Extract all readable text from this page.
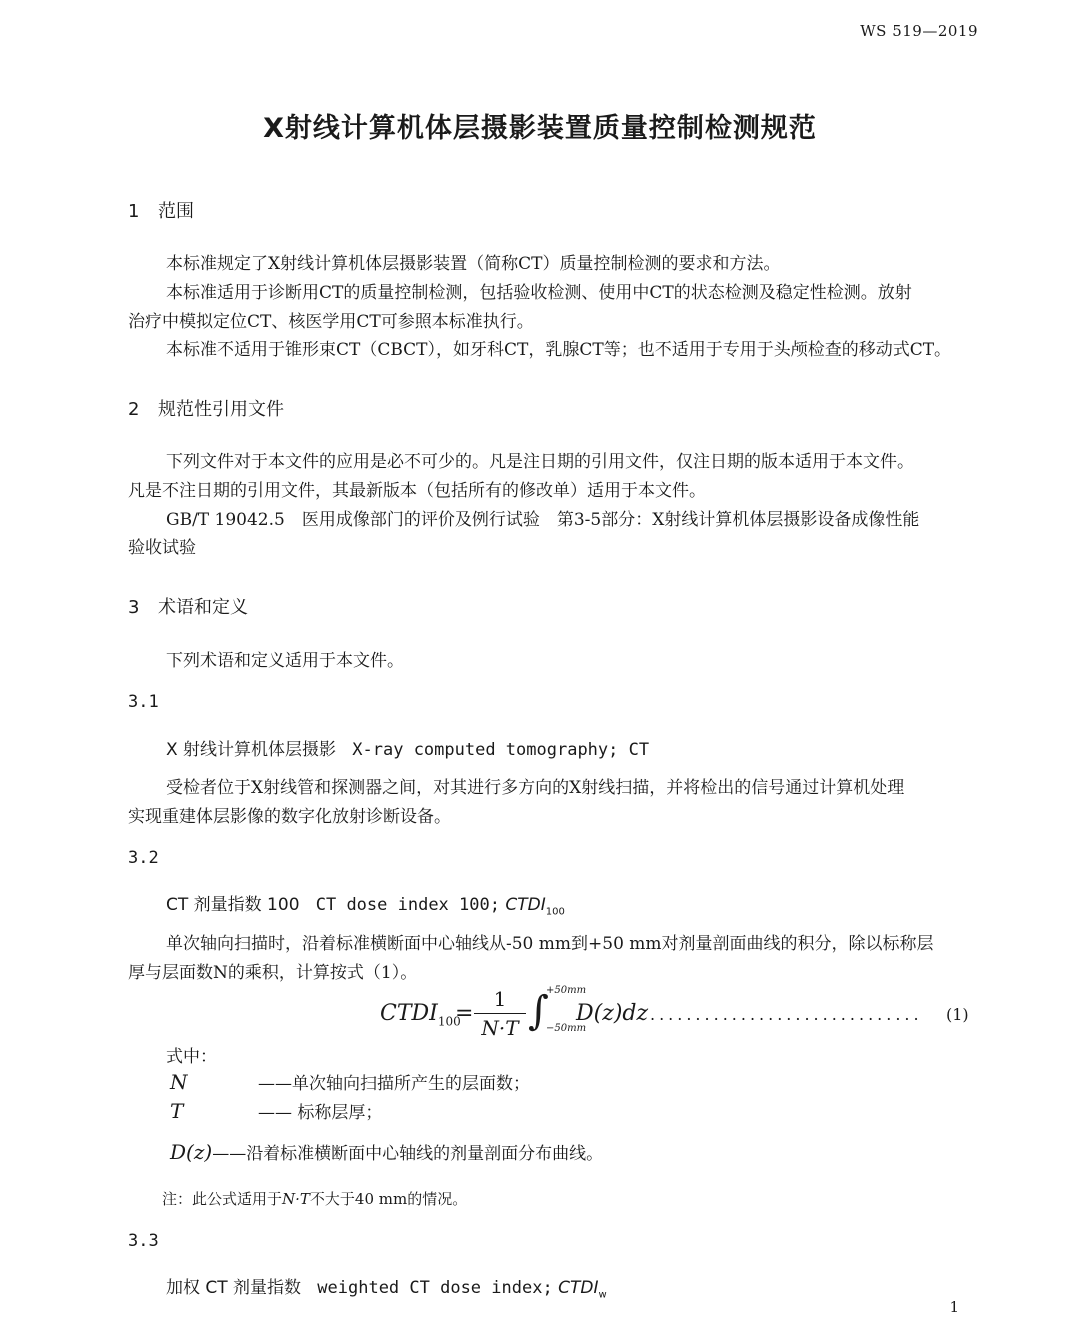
WS 519—2019
X射线计算机体层摄影装置质量控制检测规范
1 范围
本标准规定了X射线计算机体层摄影装置（简称CT）质量控制检测的要求和方法。
本标准适用于诊断用CT的质量控制检测，包括验收检测、使用中CT的状态检测及稳定性检测。放射
治疗中模拟定位CT、核医学用CT可参照本标准执行。
本标准不适用于锥形束CT（CBCT），如牙科CT，乳腺CT等；也不适用于专用于头颅检查的移动式CT。
2 规范性引用文件
下列文件对于本文件的应用是必不可少的。凡是注日期的引用文件，仅注日期的版本适用于本文件。
凡是不注日期的引用文件，其最新版本（包括所有的修改单）适用于本文件。
GB/T 19042.5　医用成像部门的评价及例行试验　第3-5部分：X射线计算机体层摄影设备成像性能
验收试验
3 术语和定义
下列术语和定义适用于本文件。
3.1
X 射线计算机体层摄影 X-ray computed tomography; CT
受检者位于X射线管和探测器之间，对其进行多方向的X射线扫描，并将检出的信号通过计算机处理
实现重建体层影像的数字化放射诊断设备。
3.2
CT 剂量指数 100 CT dose index 100; $CTDI_{100}$
单次轴向扫描时，沿着标准横断面中心轴线从-50 mm到+50 mm对剂量剖面曲线的积分，除以标称层
厚与层面数N的乘积，计算按式（1）。
$CTDI_{100}$
=
1
N·T ∫
+50mm
−50mm
D(z)dz .............................. (1)
式中：
N	——单次轴向扫描所产生的层面数；
T	—— 标称层厚；
D(z)——沿着标准横断面中心轴线的剂量剖面分布曲线。
注：此公式适用于N·T不大于40 mm的情况。
3.3
加权 CT 剂量指数 weighted CT dose index; $CTDI_w$
1
